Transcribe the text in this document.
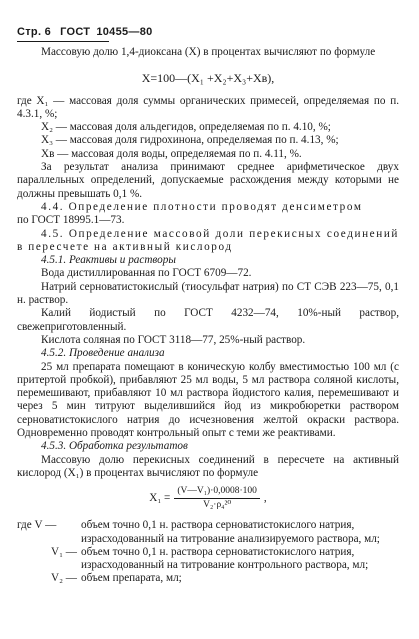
Стр. 6 ГОСТ 10455—80

Массовую долю 1,4-диоксана (X) в процентах вычисляют по формуле

X=100—(X₁ +X₂+X₃+Xв),

где X₁ — массовая доля суммы органических примесей, определяемая по п. 4.3.1, %;

X₂ — массовая доля альдегидов, определяемая по п. 4.10, %;

X₃ — массовая доля гидрохинона, определяемая по п. 4.13, %;

Xв — массовая доля воды, определяемая по п. 4.11, %.

За результат анализа принимают среднее арифметическое двух параллельных определений, допускаемые расхождения между которыми не должны превышать 0,1 %.

4.4. Определение плотности проводят денсиметром

по ГОСТ 18995.1—73.

4.5. Определение массовой доли перекисных соединений в пересчете на активный кислород

4.5.1. Реактивы и растворы

Вода дистиллированная по ГОСТ 6709—72.

Натрий серноватистокислый (тиосульфат натрия) по СТ СЭВ 223—75, 0,1 н. раствор.

Калий йодистый по ГОСТ 4232—74, 10%-ный раствор, свежеприготовленный.

Кислота соляная по ГОСТ 3118—77, 25%-ный раствор.

4.5.2. Проведение анализа

25 мл препарата помещают в коническую колбу вместимостью 100 мл (с притертой пробкой), прибавляют 25 мл воды, 5 мл раствора соляной кислоты, перемешивают, прибавляют 10 мл раствора йодистого калия, перемешивают и через 5 мин титруют выделившийся йод из микробюретки раствором серноватистокислого натрия до исчезновения желтой окраски раствора. Одновременно проводят контрольный опыт с теми же реактивами.

4.5.3. Обработка результатов

Массовую долю перекисных соединений в пересчете на активный кислород (X₁) в процентах вычисляют по формуле

$X_1 = \frac{\text{(V—V₁)·0,0008·100}}{\text{V₂·ρ₄²⁰}}$ ,
где V —	объем точно 0,1 н. раствора серноватистокислого натрия, израсходованный на титрование анализируемого раствора, мл;
V₁ — объем точно 0,1 н. раствора серноватистокислого натрия, израсходованный на титрование контрольного раствора, мл;
V₂ — объем препарата, мл;
